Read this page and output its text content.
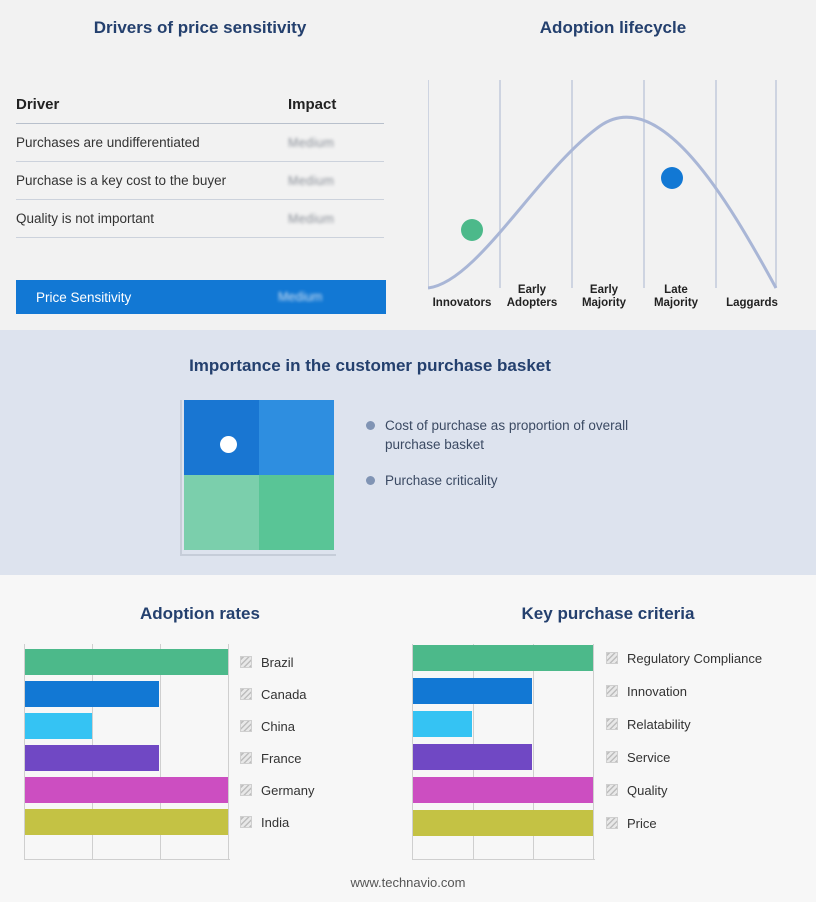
Drivers of price sensitivity
Driver	Impact
Purchases are undifferentiated	Medium
Purchase is a key cost to the buyer	Medium
Quality is not important	Medium
Price Sensitivity	Medium
Adoption lifecycle
Innovators
Early
Adopters
Early
Majority
Late
Majority	Laggards
Importance in the customer purchase basket
Cost of purchase as proportion of overall purchase basket
Purchase criticality
Adoption rates
Brazil
Canada
China
France
Germany
India
Key purchase criteria
Regulatory Compliance
Innovation
Relatability
Service
Quality
Price
www.technavio.com
